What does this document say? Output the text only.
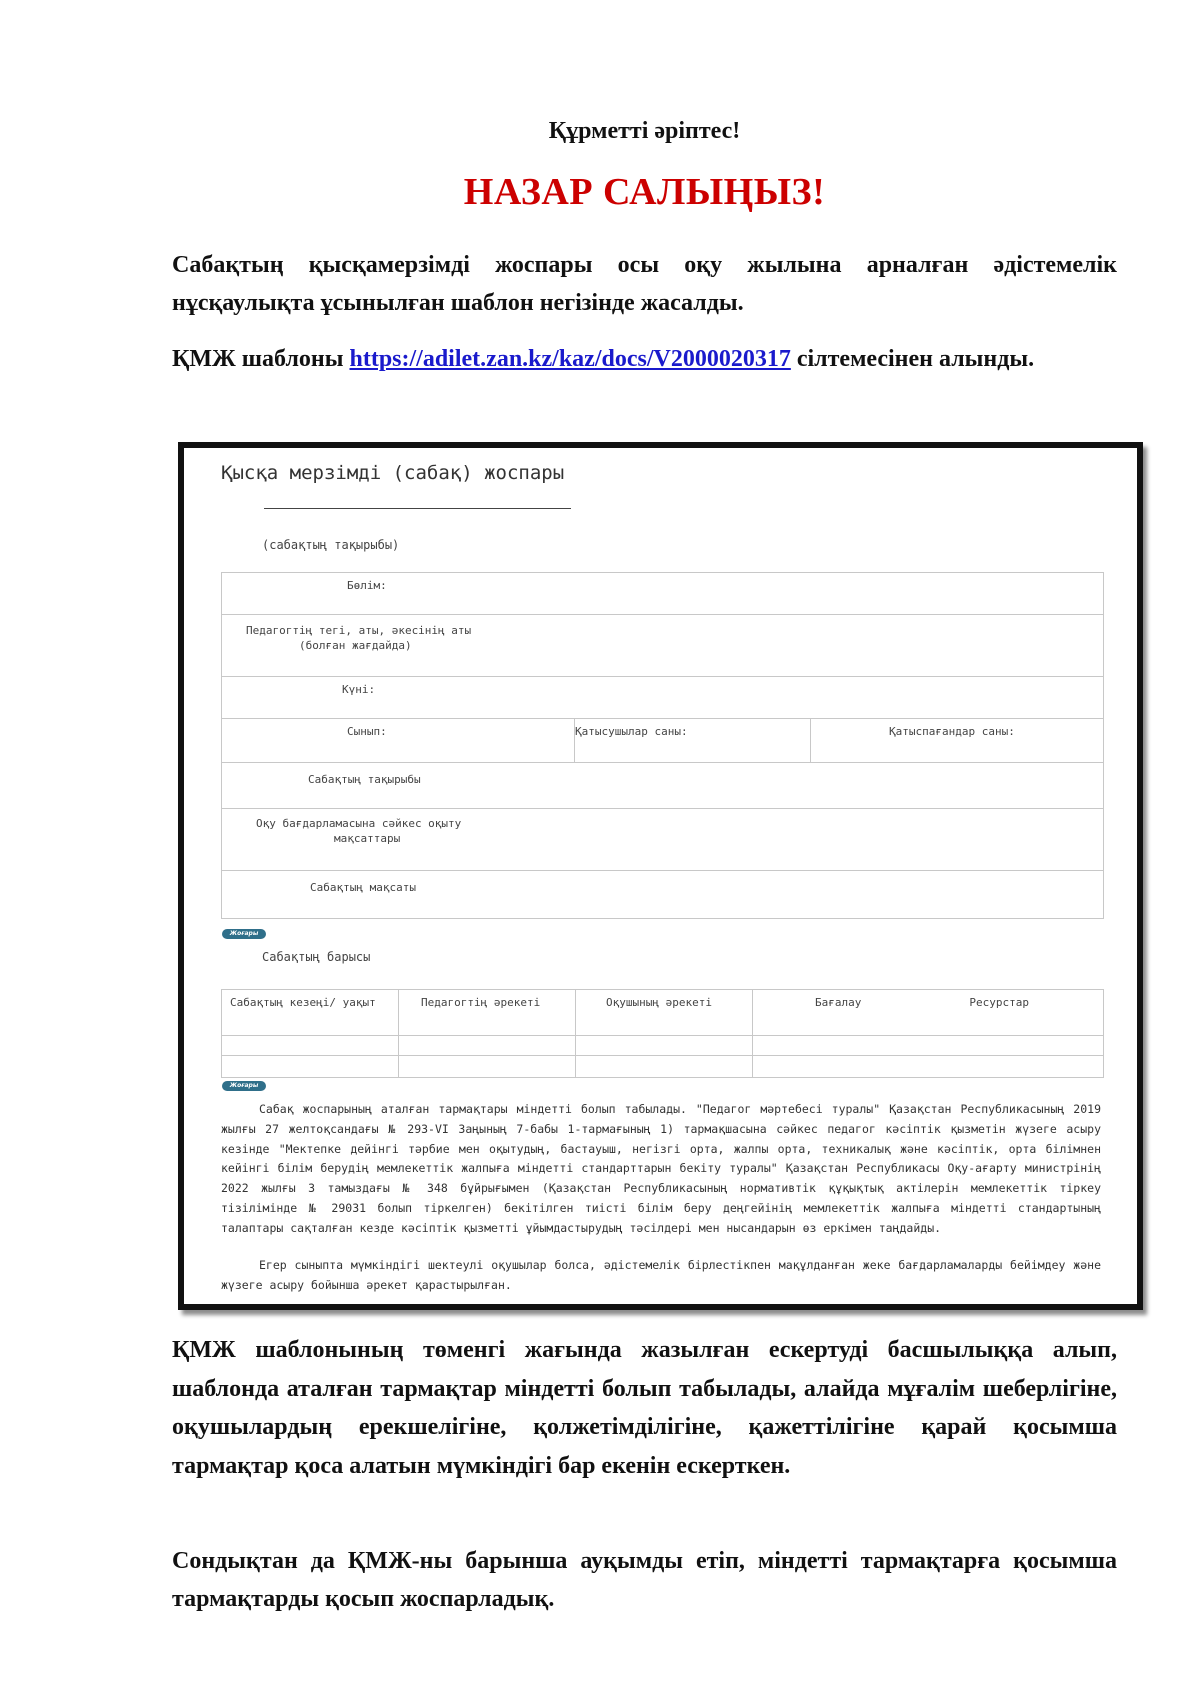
Құрметті әріптес!
НАЗАР САЛЫҢЫЗ!
Сабақтың қысқамерзімді жоспары осы оқу жылына арналған әдістемелік нұсқаулықта ұсынылған шаблон негізінде жасалды.
ҚМЖ шаблоны https://adilet.zan.kz/kaz/docs/V2000020317 сілтемесінен алынды.
ҚМЖ шаблонының төменгі жағында жазылған ескертуді басшылыққа алып, шаблонда аталған тармақтар міндетті болып табылады, алайда мұғалім шеберлігіне, оқушылардың ерекшелігіне, қолжетімділігіне, қажеттілігіне қарай қосымша тармақтар қоса алатын мүмкіндігі бар екенін ескерткен.
Сондықтан да ҚМЖ-ны барынша ауқымды етіп, міндетті тармақтарға қосымша тармақтарды қосып жоспарладық.
Қысқа мерзімді (сабақ) жоспары
(сабақтың тақырыбы)
Бөлім:

Педагогтің тегі, аты, әкесінің аты
(болған жағдайда)

Күні:

Сынып:	Қатысушылар саны:	Қатыспағандар саны:

Сабақтың тақырыбы

Оқу бағдарламасына сәйкес оқыту
мақсаттары

Сабақтың мақсаты
Жоғары
Сабақтың барысы
Сабақтың кезеңі/ уақыт	Педагогтің әрекеті	Оқушының әрекеті	Бағалау Ресурстар

Жоғары
Сабақ жоспарының аталған тармақтары міндетті болып табылады. "Педагог мәртебесі туралы" Қазақстан Республикасының 2019 жылғы 27 желтоқсандағы № 293-VI Заңының 7-бабы 1-тармағының 1) тармақшасына сәйкес педагог кәсіптік қызметін жүзеге асыру кезінде "Мектепке дейінгі тәрбие мен оқытудың, бастауыш, негізгі орта, жалпы орта, техникалық және кәсіптік, орта білімнен кейінгі білім берудің мемлекеттік жалпыға міндетті стандарттарын бекіту туралы" Қазақстан Республикасы Оқу-ағарту министрінің 2022 жылғы 3 тамыздағы № 348 бұйрығымен (Қазақстан Республикасының нормативтік құқықтық актілерін мемлекеттік тіркеу тізілімінде № 29031 болып тіркелген) бекітілген тиісті білім беру деңгейінің мемлекеттік жалпыға міндетті стандартының талаптары сақталған кезде кәсіптік қызметті ұйымдастырудың тәсілдері мен нысандарын өз еркімен таңдайды.
Егер сыныпта мүмкіндігі шектеулі оқушылар болса, әдістемелік бірлестікпен мақұлданған жеке бағдарламаларды бейімдеу және жүзеге асыру бойынша әрекет қарастырылған.
